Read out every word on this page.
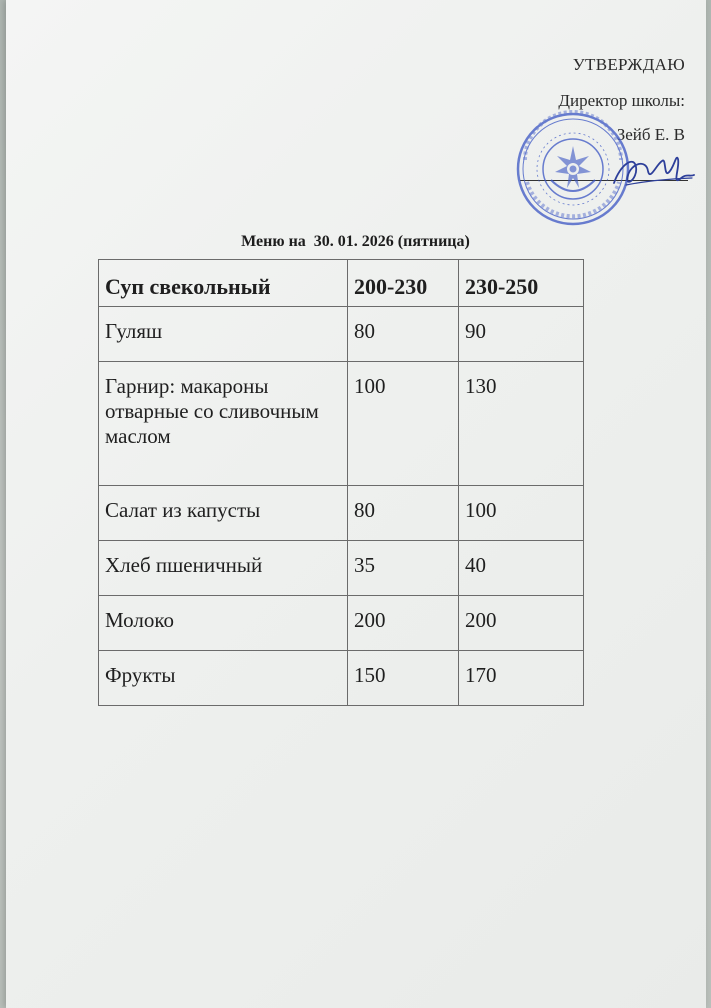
УТВЕРЖДАЮ
Директор школы:
Зейб Е. В
Меню на  30. 01. 2026 (пятница)
Суп свекольный	200-230	230-250
Гуляш	80	90
Гарнир: макароны отварные со сливочным маслом	100	130
Салат из капусты	80	100
Хлеб пшеничный	35	40
Молоко	200	200
Фрукты	150	170
